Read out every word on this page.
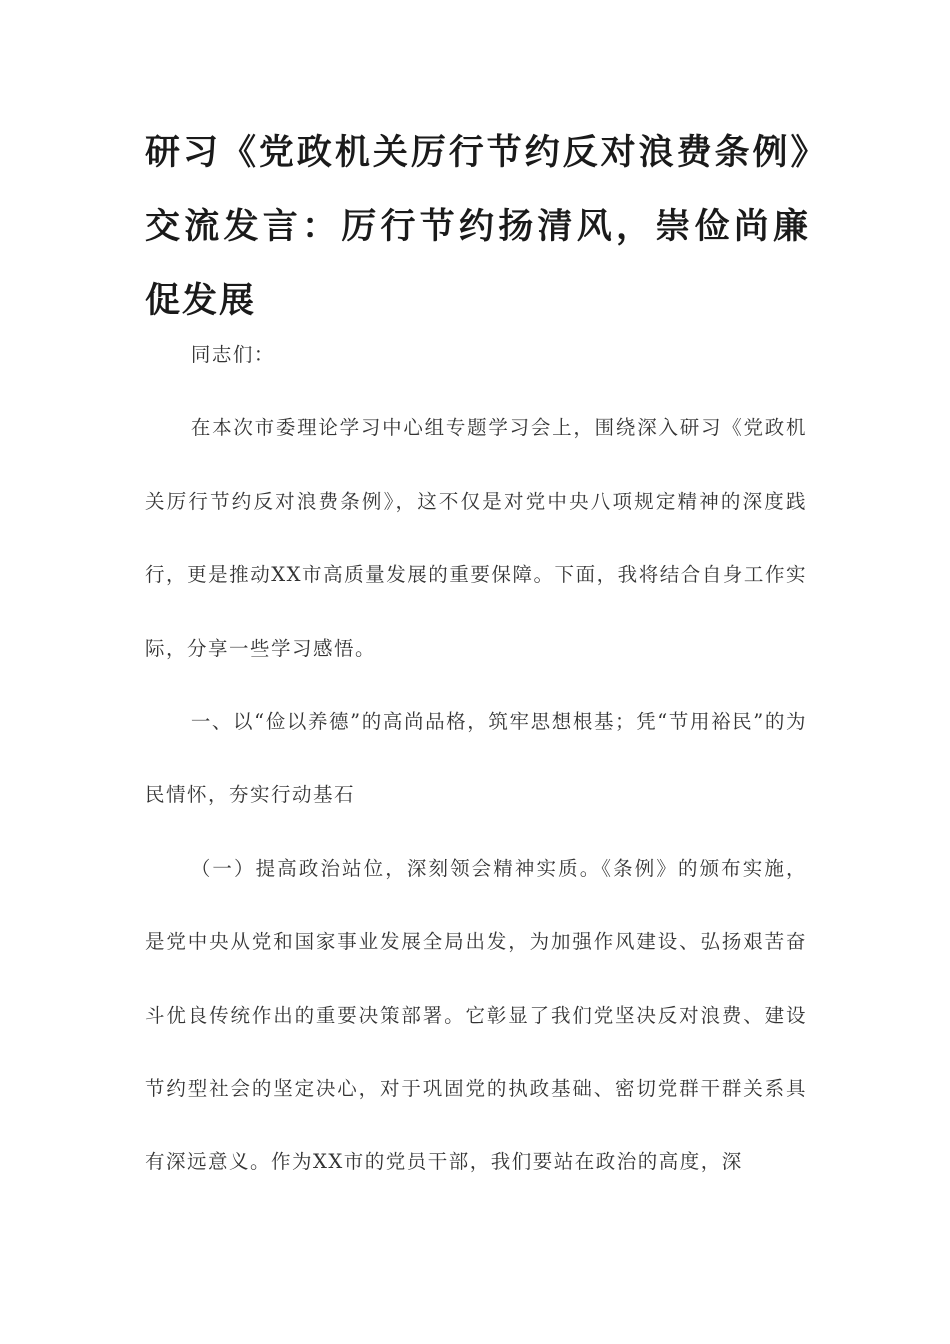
研习《党政机关厉行节约反对浪费条例》交流发言：厉行节约扬清风，崇俭尚廉促发展

同志们：

在本次市委理论学习中心组专题学习会上，围绕深入研习《党政机关厉行节约反对浪费条例》，这不仅是对党中央八项规定精神的深度践行，更是推动XX市高质量发展的重要保障。下面，我将结合自身工作实际，分享一些学习感悟。

一、以“俭以养德”的高尚品格，筑牢思想根基；凭“节用裕民”的为民情怀，夯实行动基石

（一）提高政治站位，深刻领会精神实质。《条例》的颁布实施，是党中央从党和国家事业发展全局出发，为加强作风建设、弘扬艰苦奋斗优良传统作出的重要决策部署。它彰显了我们党坚决反对浪费、建设节约型社会的坚定决心，对于巩固党的执政基础、密切党群干群关系具有深远意义。作为XX市的党员干部，我们要站在政治的高度，深
